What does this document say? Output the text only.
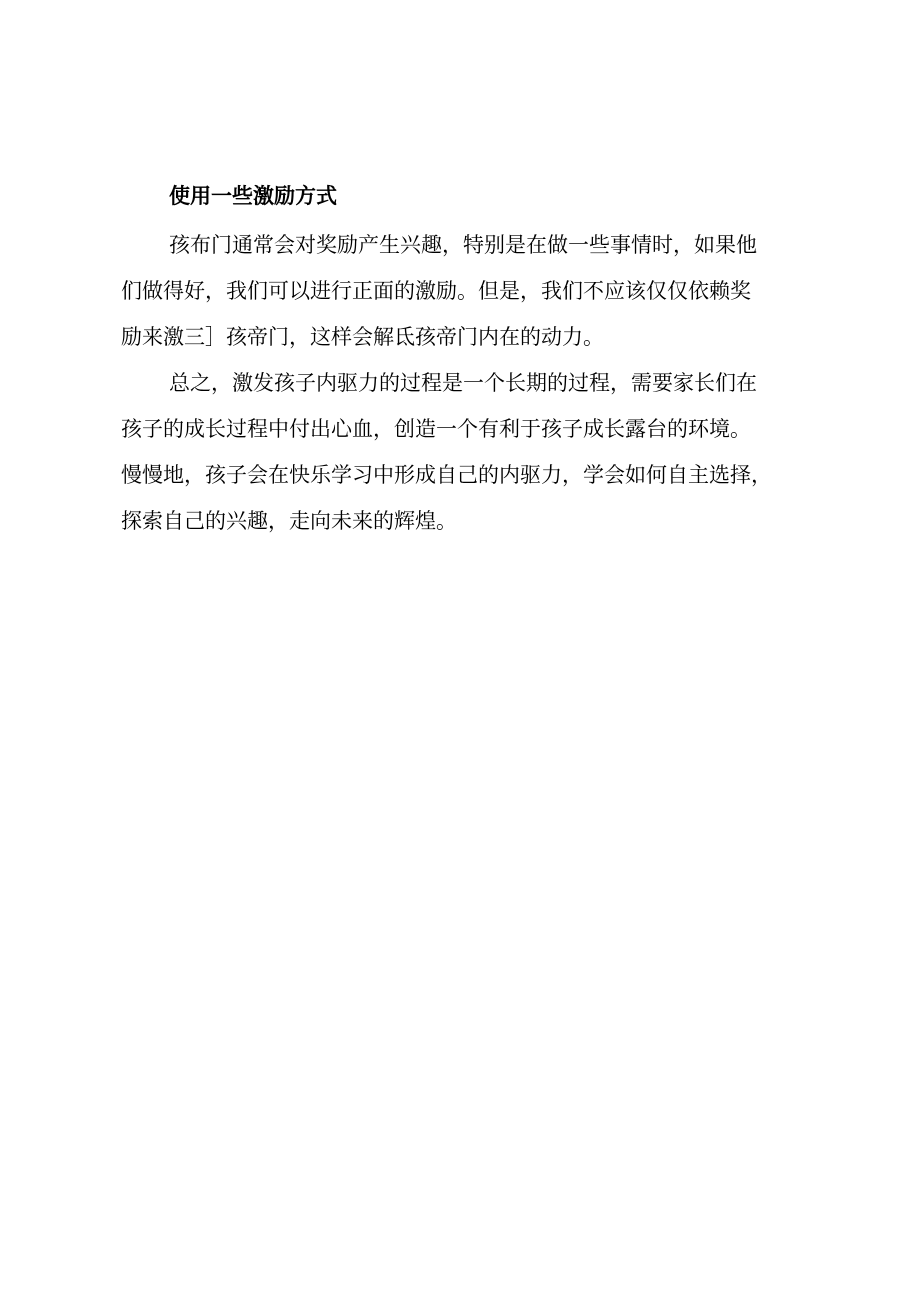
使用一些激励方式

孩布门通常会对奖励产生兴趣，特别是在做一些事情时，如果他
们做得好，我们可以进行正面的激励。但是，我们不应该仅仅依赖奖
励来激三］孩帝门，这样会解氐孩帝门内在的动力。

总之，激发孩子内驱力的过程是一个长期的过程，需要家长们在
孩子的成长过程中付出心血，创造一个有利于孩子成长露台的环境。
慢慢地，孩子会在快乐学习中形成自己的内驱力，学会如何自主选择，
探索自己的兴趣，走向未来的辉煌。
